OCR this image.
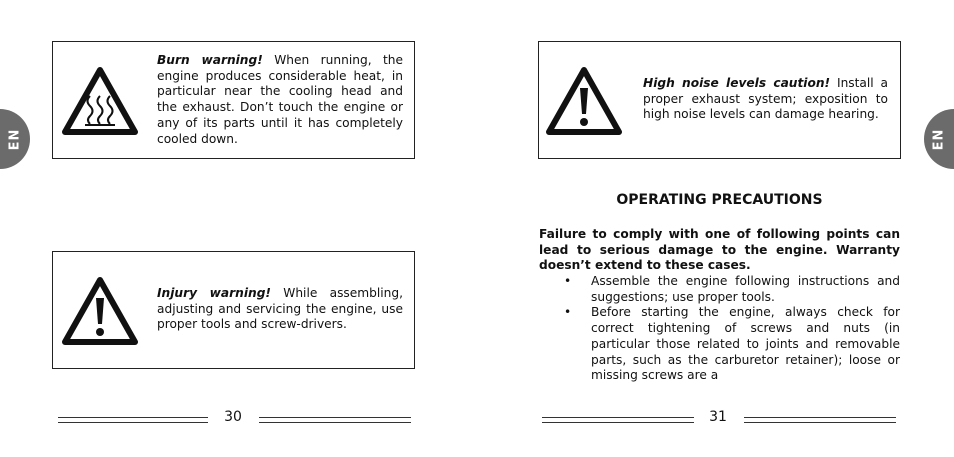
EN
Burn warning! When running, the engine produces considerable heat, in particular near the cooling head and the exhaust. Don’t touch the engine or any of its parts until it has completely cooled down.
Injury warning! While assembling, adjusting and servicing the engine, use proper tools and screw-drivers.
30
EN
High noise levels caution! Install a proper exhaust system; exposition to high noise levels can damage hearing.
OPERATING PRECAUTIONS
Failure to comply with one of following points can lead to serious damage to the engine. Warranty doesn’t extend to these cases.
• Assemble the engine following instructions and suggestions; use proper tools.
• Before starting the engine, always check for correct tightening of screws and nuts (in particular those related to joints and removable parts, such as the carburetor retainer); loose or missing screws are a
31
